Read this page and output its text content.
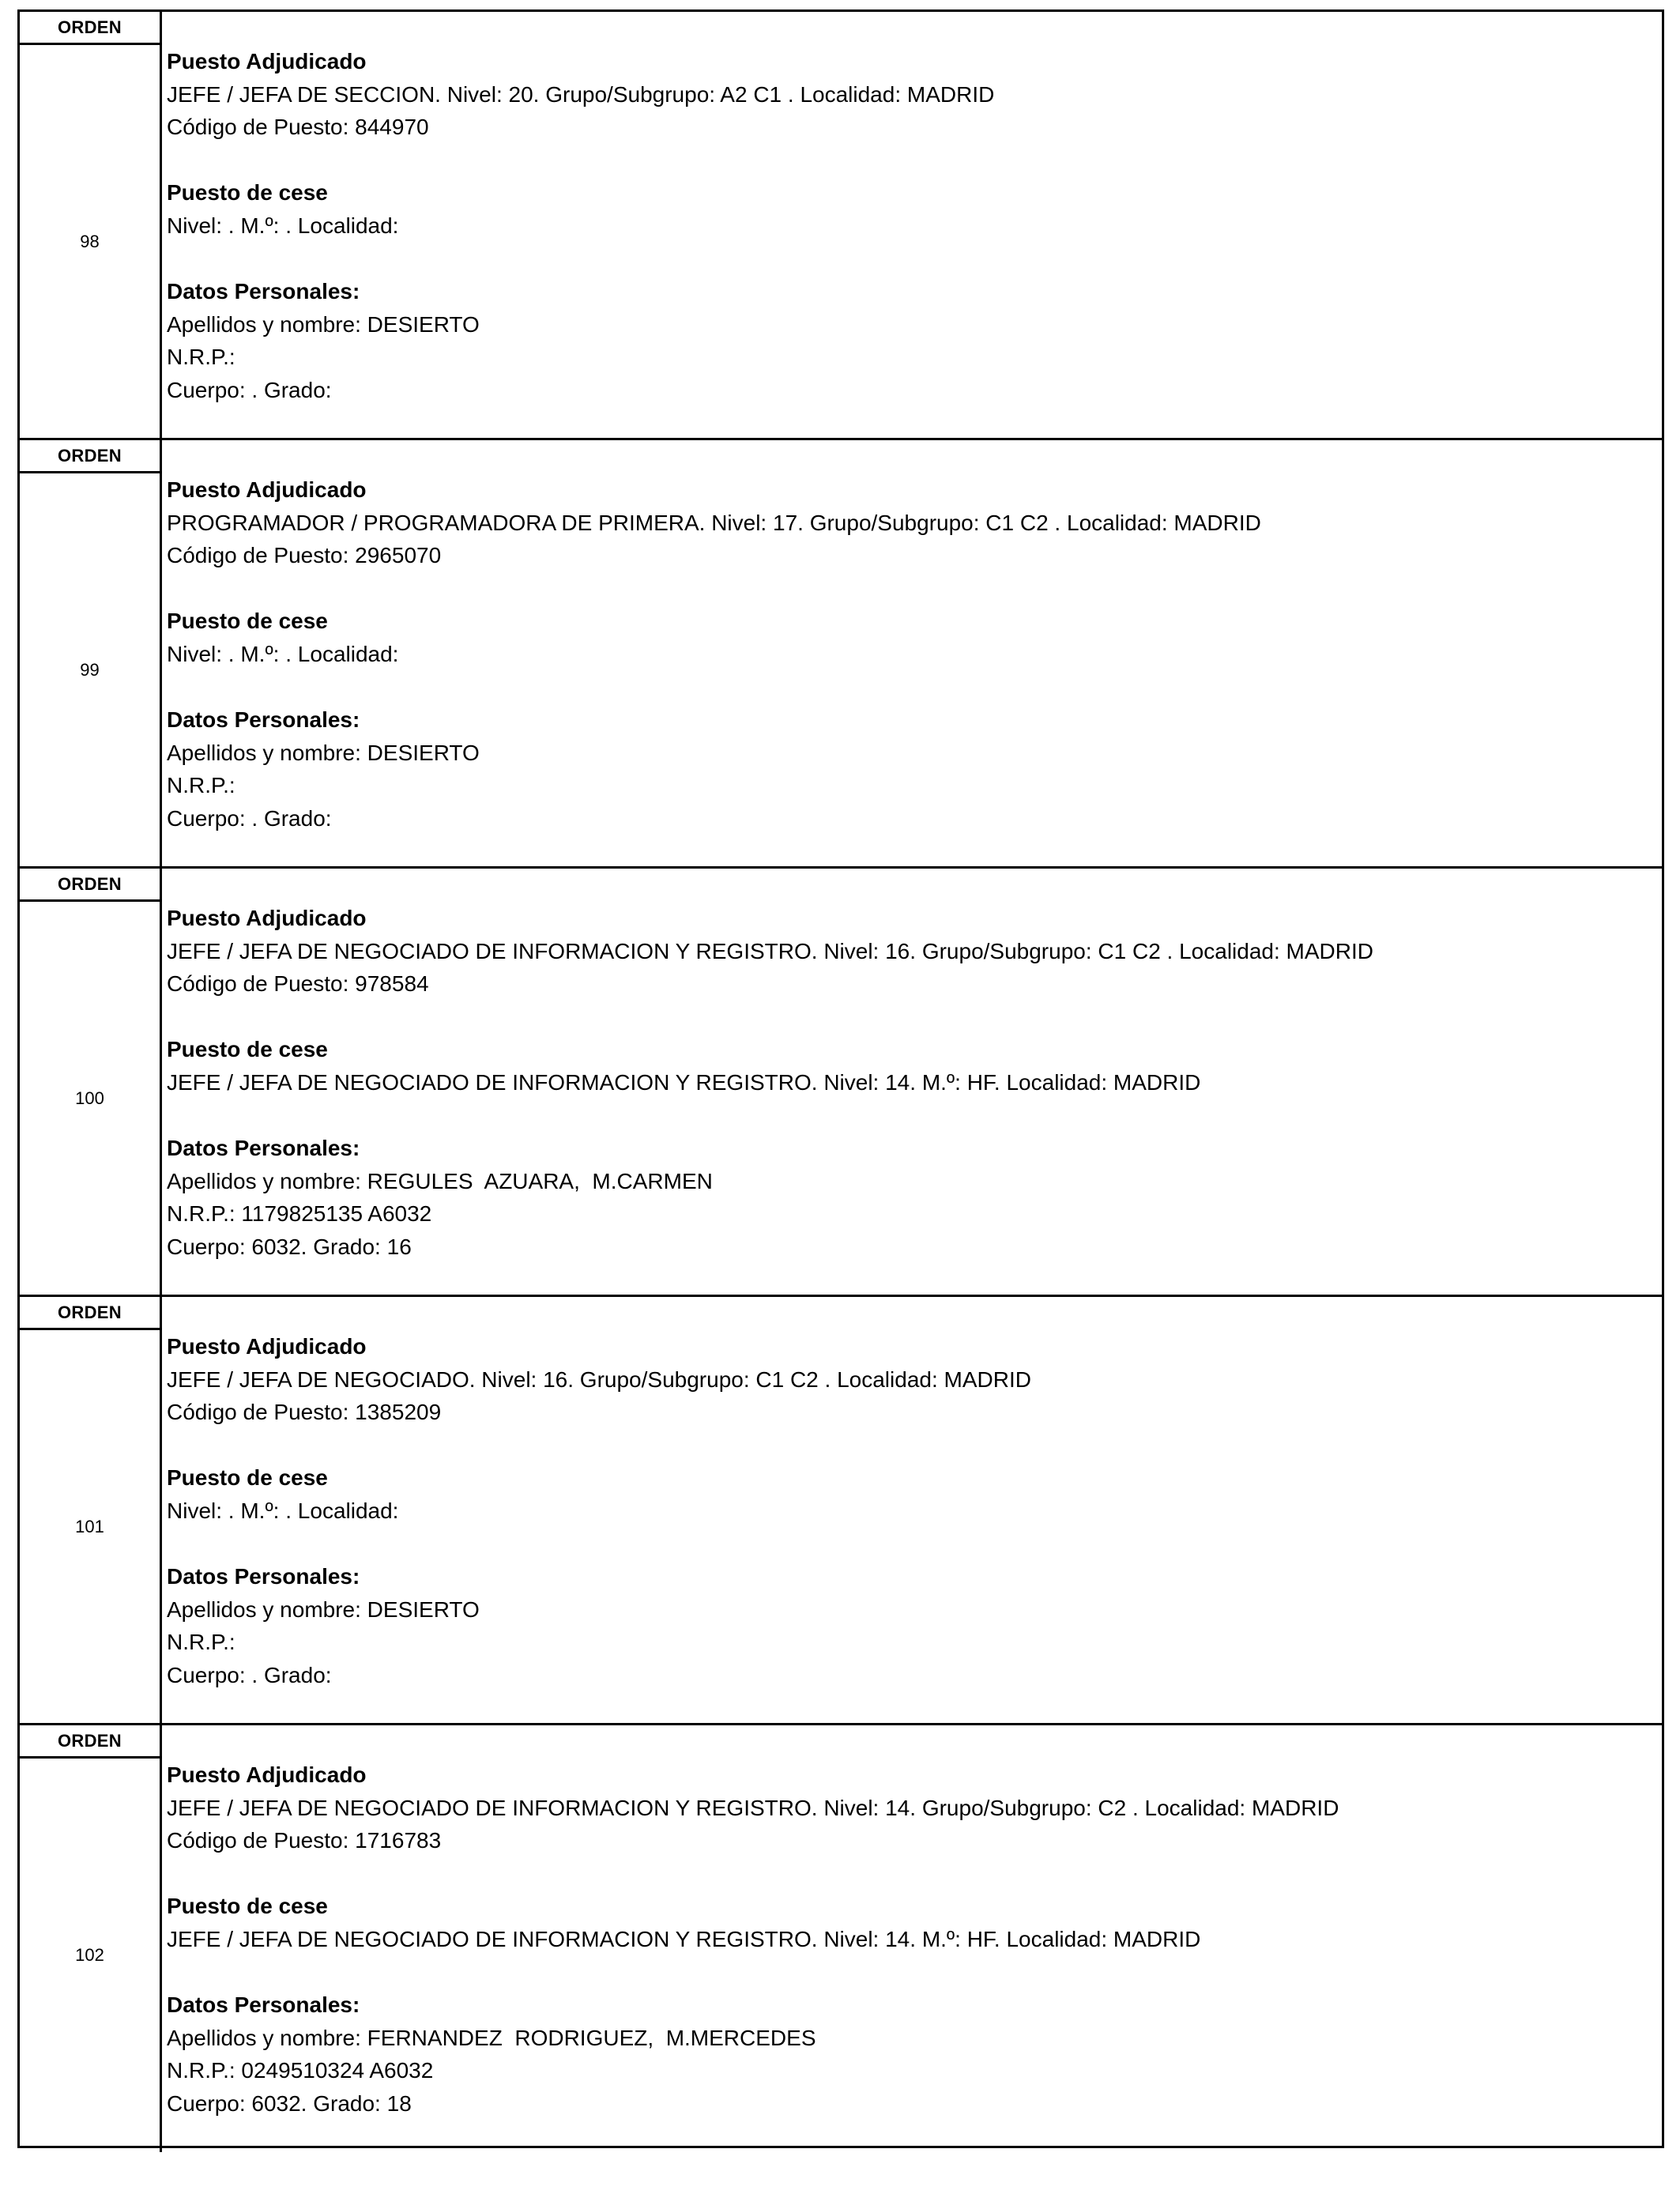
ORDEN
98
Puesto Adjudicado
JEFE / JEFA DE SECCION. Nivel: 20. Grupo/Subgrupo: A2 C1 . Localidad: MADRID
Código de Puesto: 844970
Puesto de cese
Nivel: . M.º: . Localidad:
Datos Personales:
Apellidos y nombre: DESIERTO
N.R.P.:
Cuerpo: . Grado:
ORDEN
99
Puesto Adjudicado
PROGRAMADOR / PROGRAMADORA DE PRIMERA. Nivel: 17. Grupo/Subgrupo: C1 C2 . Localidad: MADRID
Código de Puesto: 2965070
Puesto de cese
Nivel: . M.º: . Localidad:
Datos Personales:
Apellidos y nombre: DESIERTO
N.R.P.:
Cuerpo: . Grado:
ORDEN
100
Puesto Adjudicado
JEFE / JEFA DE NEGOCIADO DE INFORMACION Y REGISTRO. Nivel: 16. Grupo/Subgrupo: C1 C2 . Localidad: MADRID
Código de Puesto: 978584
Puesto de cese
JEFE / JEFA DE NEGOCIADO DE INFORMACION Y REGISTRO. Nivel: 14. M.º: HF. Localidad: MADRID
Datos Personales:
Apellidos y nombre: REGULES  AZUARA,  M.CARMEN
N.R.P.: 1179825135 A6032
Cuerpo: 6032. Grado: 16
ORDEN
101
Puesto Adjudicado
JEFE / JEFA DE NEGOCIADO. Nivel: 16. Grupo/Subgrupo: C1 C2 . Localidad: MADRID
Código de Puesto: 1385209
Puesto de cese
Nivel: . M.º: . Localidad:
Datos Personales:
Apellidos y nombre: DESIERTO
N.R.P.:
Cuerpo: . Grado:
ORDEN
102
Puesto Adjudicado
JEFE / JEFA DE NEGOCIADO DE INFORMACION Y REGISTRO. Nivel: 14. Grupo/Subgrupo: C2 . Localidad: MADRID
Código de Puesto: 1716783
Puesto de cese
JEFE / JEFA DE NEGOCIADO DE INFORMACION Y REGISTRO. Nivel: 14. M.º: HF. Localidad: MADRID
Datos Personales:
Apellidos y nombre: FERNANDEZ  RODRIGUEZ,  M.MERCEDES
N.R.P.: 0249510324 A6032
Cuerpo: 6032. Grado: 18
